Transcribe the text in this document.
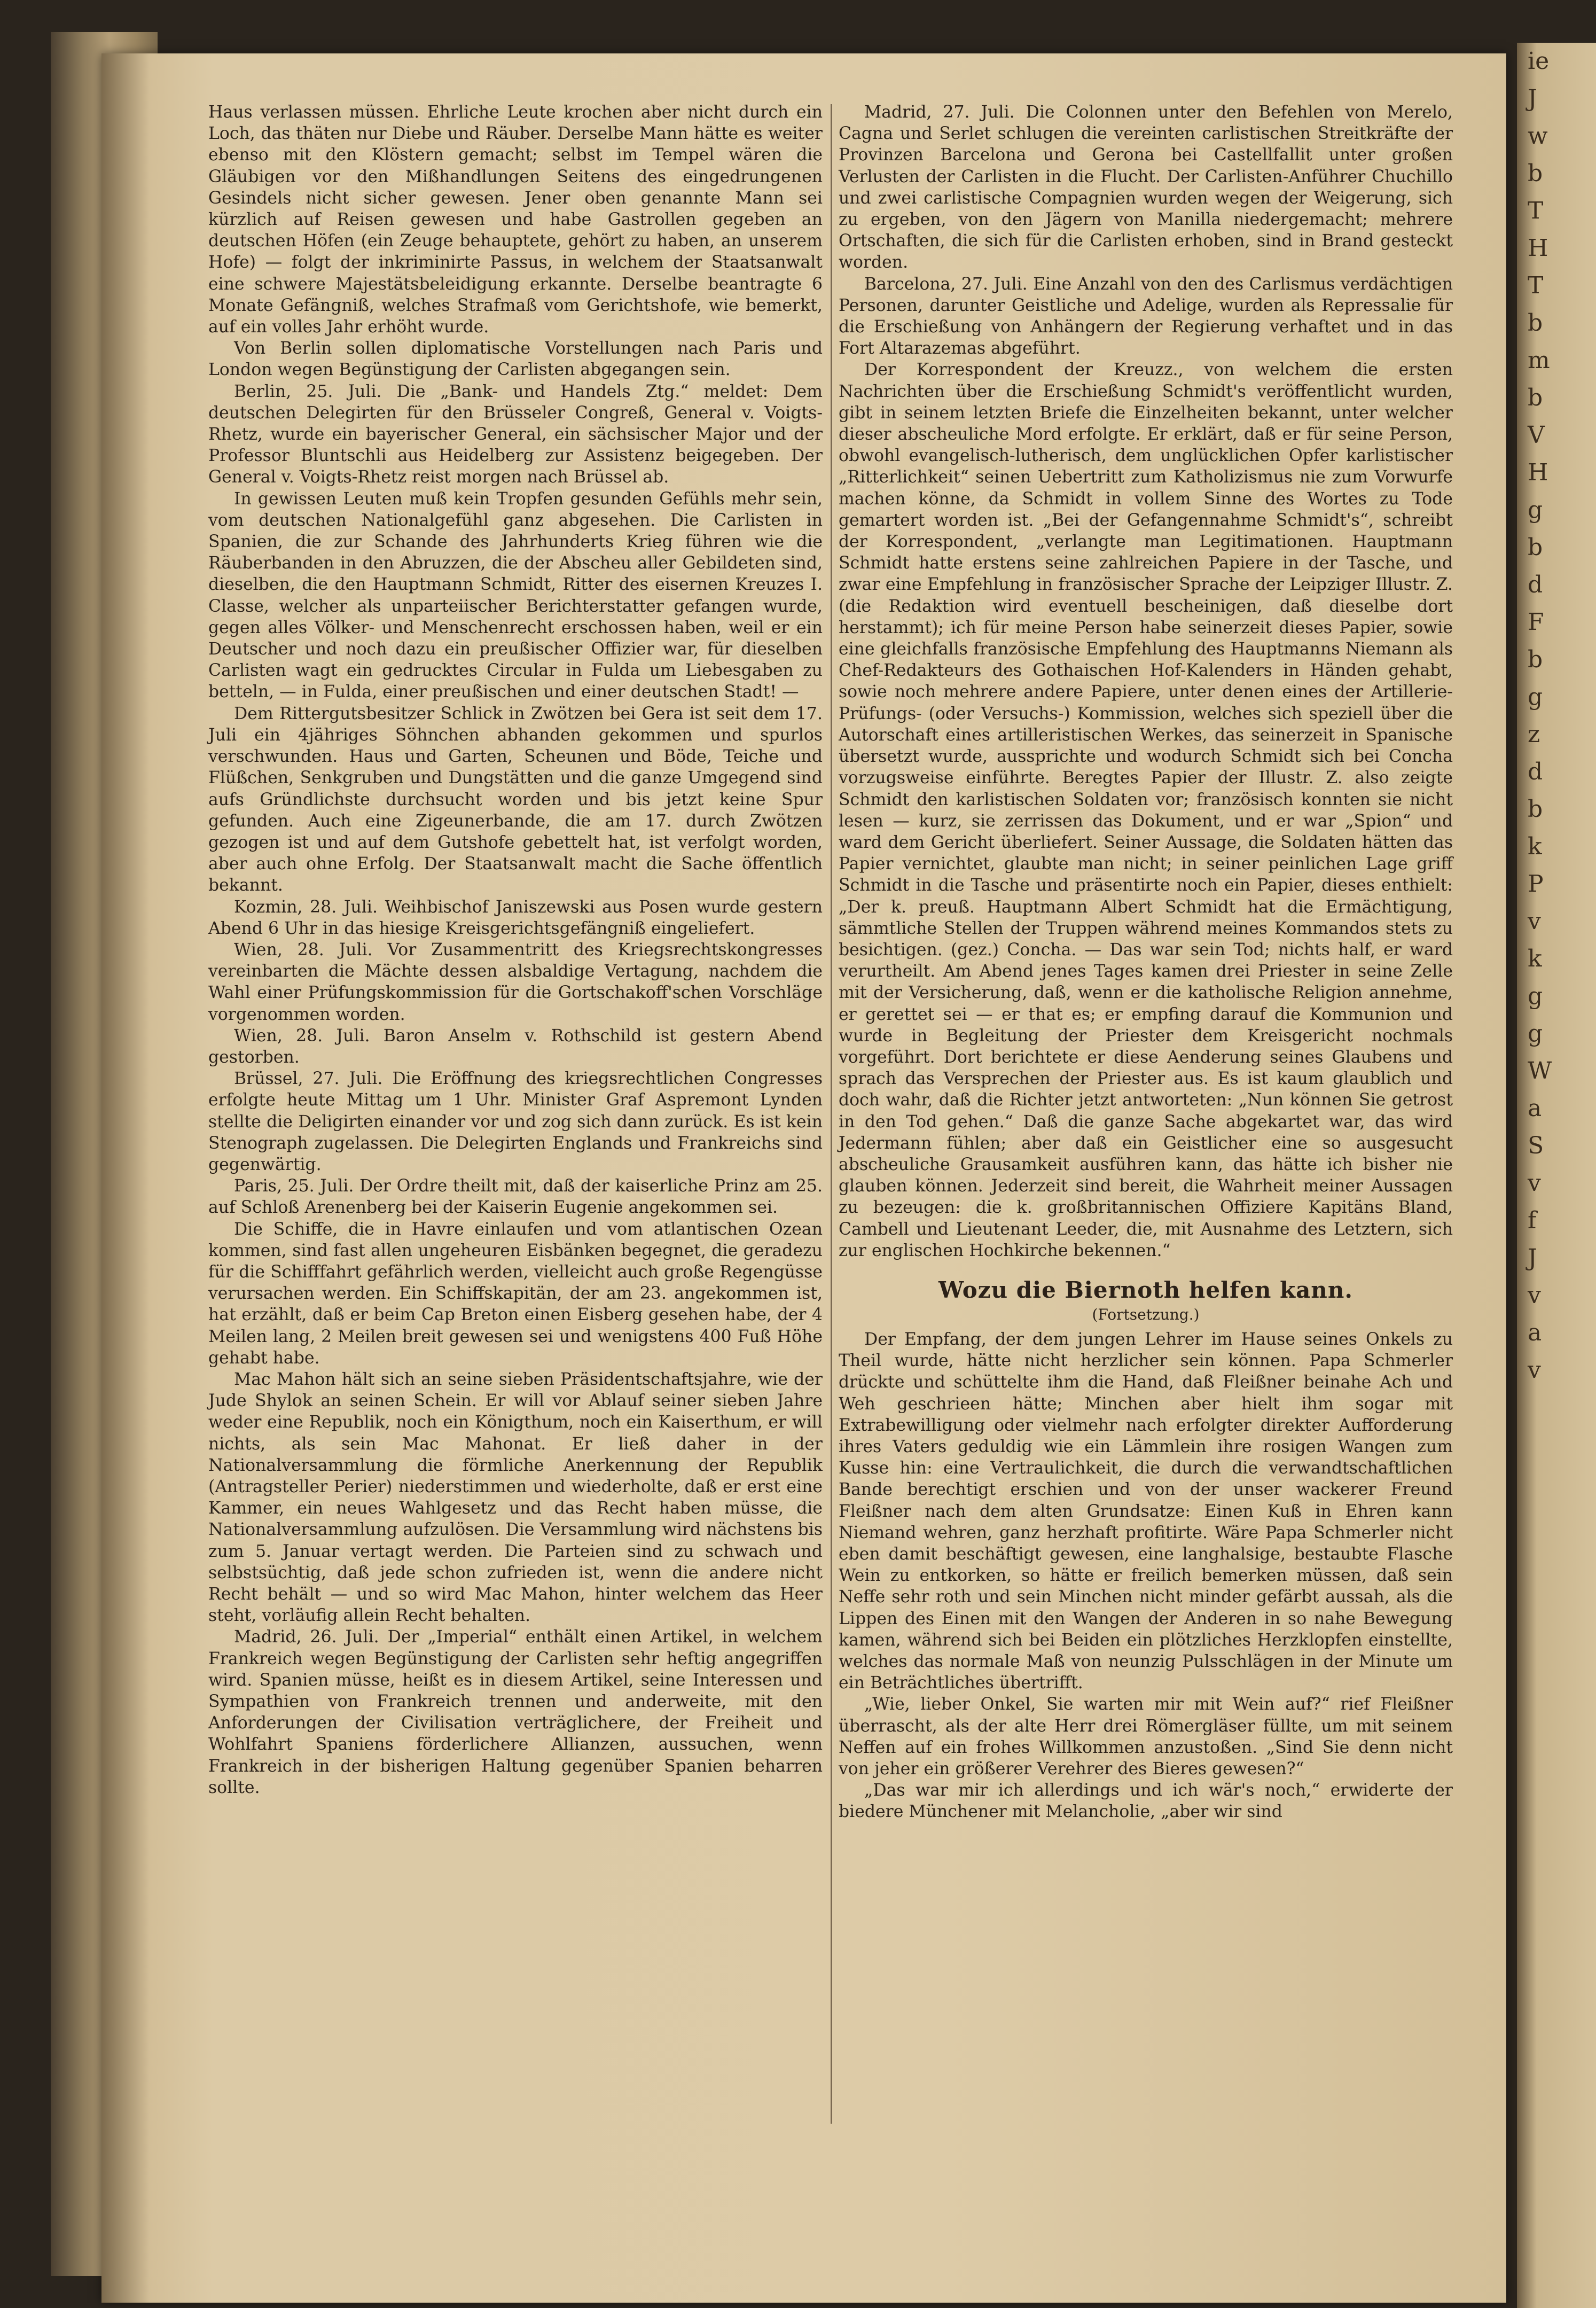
ie
J
w
b
T
H
T
b
m
b
V
H
g
b
d
F
b
g
z
d
b
k
P
v
k
g
g
W
a
S
v
f
J
v
a
v

Haus verlassen müssen. Ehrliche Leute krochen aber nicht durch ein Loch, das thäten nur Diebe und Räuber. Derselbe Mann hätte es weiter ebenso mit den Klöstern gemacht; selbst im Tempel wären die Gläubigen vor den Mißhandlungen Seitens des eingedrungenen Gesindels nicht sicher gewesen. Jener oben genannte Mann sei kürzlich auf Reisen gewesen und habe Gastrollen gegeben an deutschen Höfen (ein Zeuge behauptete, gehört zu haben, an unserem Hofe) — folgt der inkriminirte Passus, in welchem der Staatsanwalt eine schwere Majestätsbeleidigung erkannte. Derselbe beantragte 6 Monate Gefängniß, welches Strafmaß vom Gerichtshofe, wie bemerkt, auf ein volles Jahr erhöht wurde.

Von Berlin sollen diplomatische Vorstellungen nach Paris und London wegen Begünstigung der Carlisten abgegangen sein.

Berlin, 25. Juli. Die „Bank- und Handels Ztg.“ meldet: Dem deutschen Delegirten für den Brüsseler Congreß, General v. Voigts-Rhetz, wurde ein bayerischer General, ein sächsischer Major und der Professor Bluntschli aus Heidelberg zur Assistenz beigegeben. Der General v. Voigts-Rhetz reist morgen nach Brüssel ab.

In gewissen Leuten muß kein Tropfen gesunden Gefühls mehr sein, vom deutschen Nationalgefühl ganz abgesehen. Die Carlisten in Spanien, die zur Schande des Jahrhunderts Krieg führen wie die Räuberbanden in den Abruzzen, die der Abscheu aller Gebildeten sind, dieselben, die den Hauptmann Schmidt, Ritter des eisernen Kreuzes I. Classe, welcher als unparteiischer Berichterstatter gefangen wurde, gegen alles Völker- und Menschenrecht erschossen haben, weil er ein Deutscher und noch dazu ein preußischer Offizier war, für dieselben Carlisten wagt ein gedrucktes Circular in Fulda um Liebesgaben zu betteln, — in Fulda, einer preußischen und einer deutschen Stadt! —

Dem Rittergutsbesitzer Schlick in Zwötzen bei Gera ist seit dem 17. Juli ein 4jähriges Söhnchen abhanden gekommen und spurlos verschwunden. Haus und Garten, Scheunen und Böde, Teiche und Flüßchen, Senkgruben und Dungstätten und die ganze Umgegend sind aufs Gründlichste durchsucht worden und bis jetzt keine Spur gefunden. Auch eine Zigeunerbande, die am 17. durch Zwötzen gezogen ist und auf dem Gutshofe gebettelt hat, ist verfolgt worden, aber auch ohne Erfolg. Der Staatsanwalt macht die Sache öffentlich bekannt.

Kozmin, 28. Juli. Weihbischof Janiszewski aus Posen wurde gestern Abend 6 Uhr in das hiesige Kreisgerichtsgefängniß eingeliefert.

Wien, 28. Juli. Vor Zusammentritt des Kriegsrechtskongresses vereinbarten die Mächte dessen alsbaldige Vertagung, nachdem die Wahl einer Prüfungskommission für die Gortschakoff'schen Vorschläge vorgenommen worden.

Wien, 28. Juli. Baron Anselm v. Rothschild ist gestern Abend gestorben.

Brüssel, 27. Juli. Die Eröffnung des kriegsrechtlichen Congresses erfolgte heute Mittag um 1 Uhr. Minister Graf Aspremont Lynden stellte die Deligirten einander vor und zog sich dann zurück. Es ist kein Stenograph zugelassen. Die Delegirten Englands und Frankreichs sind gegenwärtig.

Paris, 25. Juli. Der Ordre theilt mit, daß der kaiserliche Prinz am 25. auf Schloß Arenenberg bei der Kaiserin Eugenie angekommen sei.

Die Schiffe, die in Havre einlaufen und vom atlantischen Ozean kommen, sind fast allen ungeheuren Eisbänken begegnet, die geradezu für die Schifffahrt gefährlich werden, vielleicht auch große Regengüsse verursachen werden. Ein Schiffskapitän, der am 23. angekommen ist, hat erzählt, daß er beim Cap Breton einen Eisberg gesehen habe, der 4 Meilen lang, 2 Meilen breit gewesen sei und wenigstens 400 Fuß Höhe gehabt habe.

Mac Mahon hält sich an seine sieben Präsidentschaftsjahre, wie der Jude Shylok an seinen Schein. Er will vor Ablauf seiner sieben Jahre weder eine Republik, noch ein Königthum, noch ein Kaiserthum, er will nichts, als sein Mac Mahonat. Er ließ daher in der Nationalversammlung die förmliche Anerkennung der Republik (Antragsteller Perier) niederstimmen und wiederholte, daß er erst eine Kammer, ein neues Wahlgesetz und das Recht haben müsse, die Nationalversammlung aufzulösen. Die Versammlung wird nächstens bis zum 5. Januar vertagt werden. Die Parteien sind zu schwach und selbstsüchtig, daß jede schon zufrieden ist, wenn die andere nicht Recht behält — und so wird Mac Mahon, hinter welchem das Heer steht, vorläufig allein Recht behalten.

Madrid, 26. Juli. Der „Imperial“ enthält einen Artikel, in welchem Frankreich wegen Begünstigung der Carlisten sehr heftig angegriffen wird. Spanien müsse, heißt es in diesem Artikel, seine Interessen und Sympathien von Frankreich trennen und anderweite, mit den Anforderungen der Civilisation verträglichere, der Freiheit und Wohlfahrt Spaniens förderlichere Allianzen, aussuchen, wenn Frankreich in der bisherigen Haltung gegenüber Spanien beharren sollte.

Madrid, 27. Juli. Die Colonnen unter den Befehlen von Merelo, Cagna und Serlet schlugen die vereinten carlistischen Streitkräfte der Provinzen Barcelona und Gerona bei Castellfallit unter großen Verlusten der Carlisten in die Flucht. Der Carlisten-Anführer Chuchillo und zwei carlistische Compagnien wurden wegen der Weigerung, sich zu ergeben, von den Jägern von Manilla niedergemacht; mehrere Ortschaften, die sich für die Carlisten erhoben, sind in Brand gesteckt worden.

Barcelona, 27. Juli. Eine Anzahl von den des Carlismus verdächtigen Personen, darunter Geistliche und Adelige, wurden als Repressalie für die Erschießung von Anhängern der Regierung verhaftet und in das Fort Altarazemas abgeführt.

Der Korrespondent der Kreuzz., von welchem die ersten Nachrichten über die Erschießung Schmidt's veröffentlicht wurden, gibt in seinem letzten Briefe die Einzelheiten bekannt, unter welcher dieser abscheuliche Mord erfolgte. Er erklärt, daß er für seine Person, obwohl evangelisch-lutherisch, dem unglücklichen Opfer karlistischer „Ritterlichkeit“ seinen Uebertritt zum Katholizismus nie zum Vorwurfe machen könne, da Schmidt in vollem Sinne des Wortes zu Tode gemartert worden ist. „Bei der Gefangennahme Schmidt's“, schreibt der Korrespondent, „verlangte man Legitimationen. Hauptmann Schmidt hatte erstens seine zahlreichen Papiere in der Tasche, und zwar eine Empfehlung in französischer Sprache der Leipziger Illustr. Z. (die Redaktion wird eventuell bescheinigen, daß dieselbe dort herstammt); ich für meine Person habe seinerzeit dieses Papier, sowie eine gleichfalls französische Empfehlung des Hauptmanns Niemann als Chef-Redakteurs des Gothaischen Hof-Kalenders in Händen gehabt, sowie noch mehrere andere Papiere, unter denen eines der Artillerie-Prüfungs- (oder Versuchs-) Kommission, welches sich speziell über die Autorschaft eines artilleristischen Werkes, das seinerzeit in Spanische übersetzt wurde, aussprichte und wodurch Schmidt sich bei Concha vorzugsweise einführte. Beregtes Papier der Illustr. Z. also zeigte Schmidt den karlistischen Soldaten vor; französisch konnten sie nicht lesen — kurz, sie zerrissen das Dokument, und er war „Spion“ und ward dem Gericht überliefert. Seiner Aussage, die Soldaten hätten das Papier vernichtet, glaubte man nicht; in seiner peinlichen Lage griff Schmidt in die Tasche und präsentirte noch ein Papier, dieses enthielt: „Der k. preuß. Hauptmann Albert Schmidt hat die Ermächtigung, sämmtliche Stellen der Truppen während meines Kommandos stets zu besichtigen. (gez.) Concha. — Das war sein Tod; nichts half, er ward verurtheilt. Am Abend jenes Tages kamen drei Priester in seine Zelle mit der Versicherung, daß, wenn er die katholische Religion annehme, er gerettet sei — er that es; er empfing darauf die Kommunion und wurde in Begleitung der Priester dem Kreisgericht nochmals vorgeführt. Dort berichtete er diese Aenderung seines Glaubens und sprach das Versprechen der Priester aus. Es ist kaum glaublich und doch wahr, daß die Richter jetzt antworteten: „Nun können Sie getrost in den Tod gehen.“ Daß die ganze Sache abgekartet war, das wird Jedermann fühlen; aber daß ein Geistlicher eine so ausgesucht abscheuliche Grausamkeit ausführen kann, das hätte ich bisher nie glauben können. Jederzeit sind bereit, die Wahrheit meiner Aussagen zu bezeugen: die k. großbritannischen Offiziere Kapitäns Bland, Cambell und Lieutenant Leeder, die, mit Ausnahme des Letztern, sich zur englischen Hochkirche bekennen.“

Wozu die Biernoth helfen kann.
(Fortsetzung.)

Der Empfang, der dem jungen Lehrer im Hause seines Onkels zu Theil wurde, hätte nicht herzlicher sein können. Papa Schmerler drückte und schüttelte ihm die Hand, daß Fleißner beinahe Ach und Weh geschrieen hätte; Minchen aber hielt ihm sogar mit Extrabewilligung oder vielmehr nach erfolgter direkter Aufforderung ihres Vaters geduldig wie ein Lämmlein ihre rosigen Wangen zum Kusse hin: eine Vertraulichkeit, die durch die verwandtschaftlichen Bande berechtigt erschien und von der unser wackerer Freund Fleißner nach dem alten Grundsatze: Einen Kuß in Ehren kann Niemand wehren, ganz herzhaft profitirte. Wäre Papa Schmerler nicht eben damit beschäftigt gewesen, eine langhalsige, bestaubte Flasche Wein zu entkorken, so hätte er freilich bemerken müssen, daß sein Neffe sehr roth und sein Minchen nicht minder gefärbt aussah, als die Lippen des Einen mit den Wangen der Anderen in so nahe Bewegung kamen, während sich bei Beiden ein plötzliches Herzklopfen einstellte, welches das normale Maß von neunzig Pulsschlägen in der Minute um ein Beträchtliches übertrifft.

„Wie, lieber Onkel, Sie warten mir mit Wein auf?“ rief Fleißner überrascht, als der alte Herr drei Römergläser füllte, um mit seinem Neffen auf ein frohes Willkommen anzustoßen. „Sind Sie denn nicht von jeher ein größerer Verehrer des Bieres gewesen?“

„Das war mir ich allerdings und ich wär's noch,“ erwiderte der biedere Münchener mit Melancholie, „aber wir sind
